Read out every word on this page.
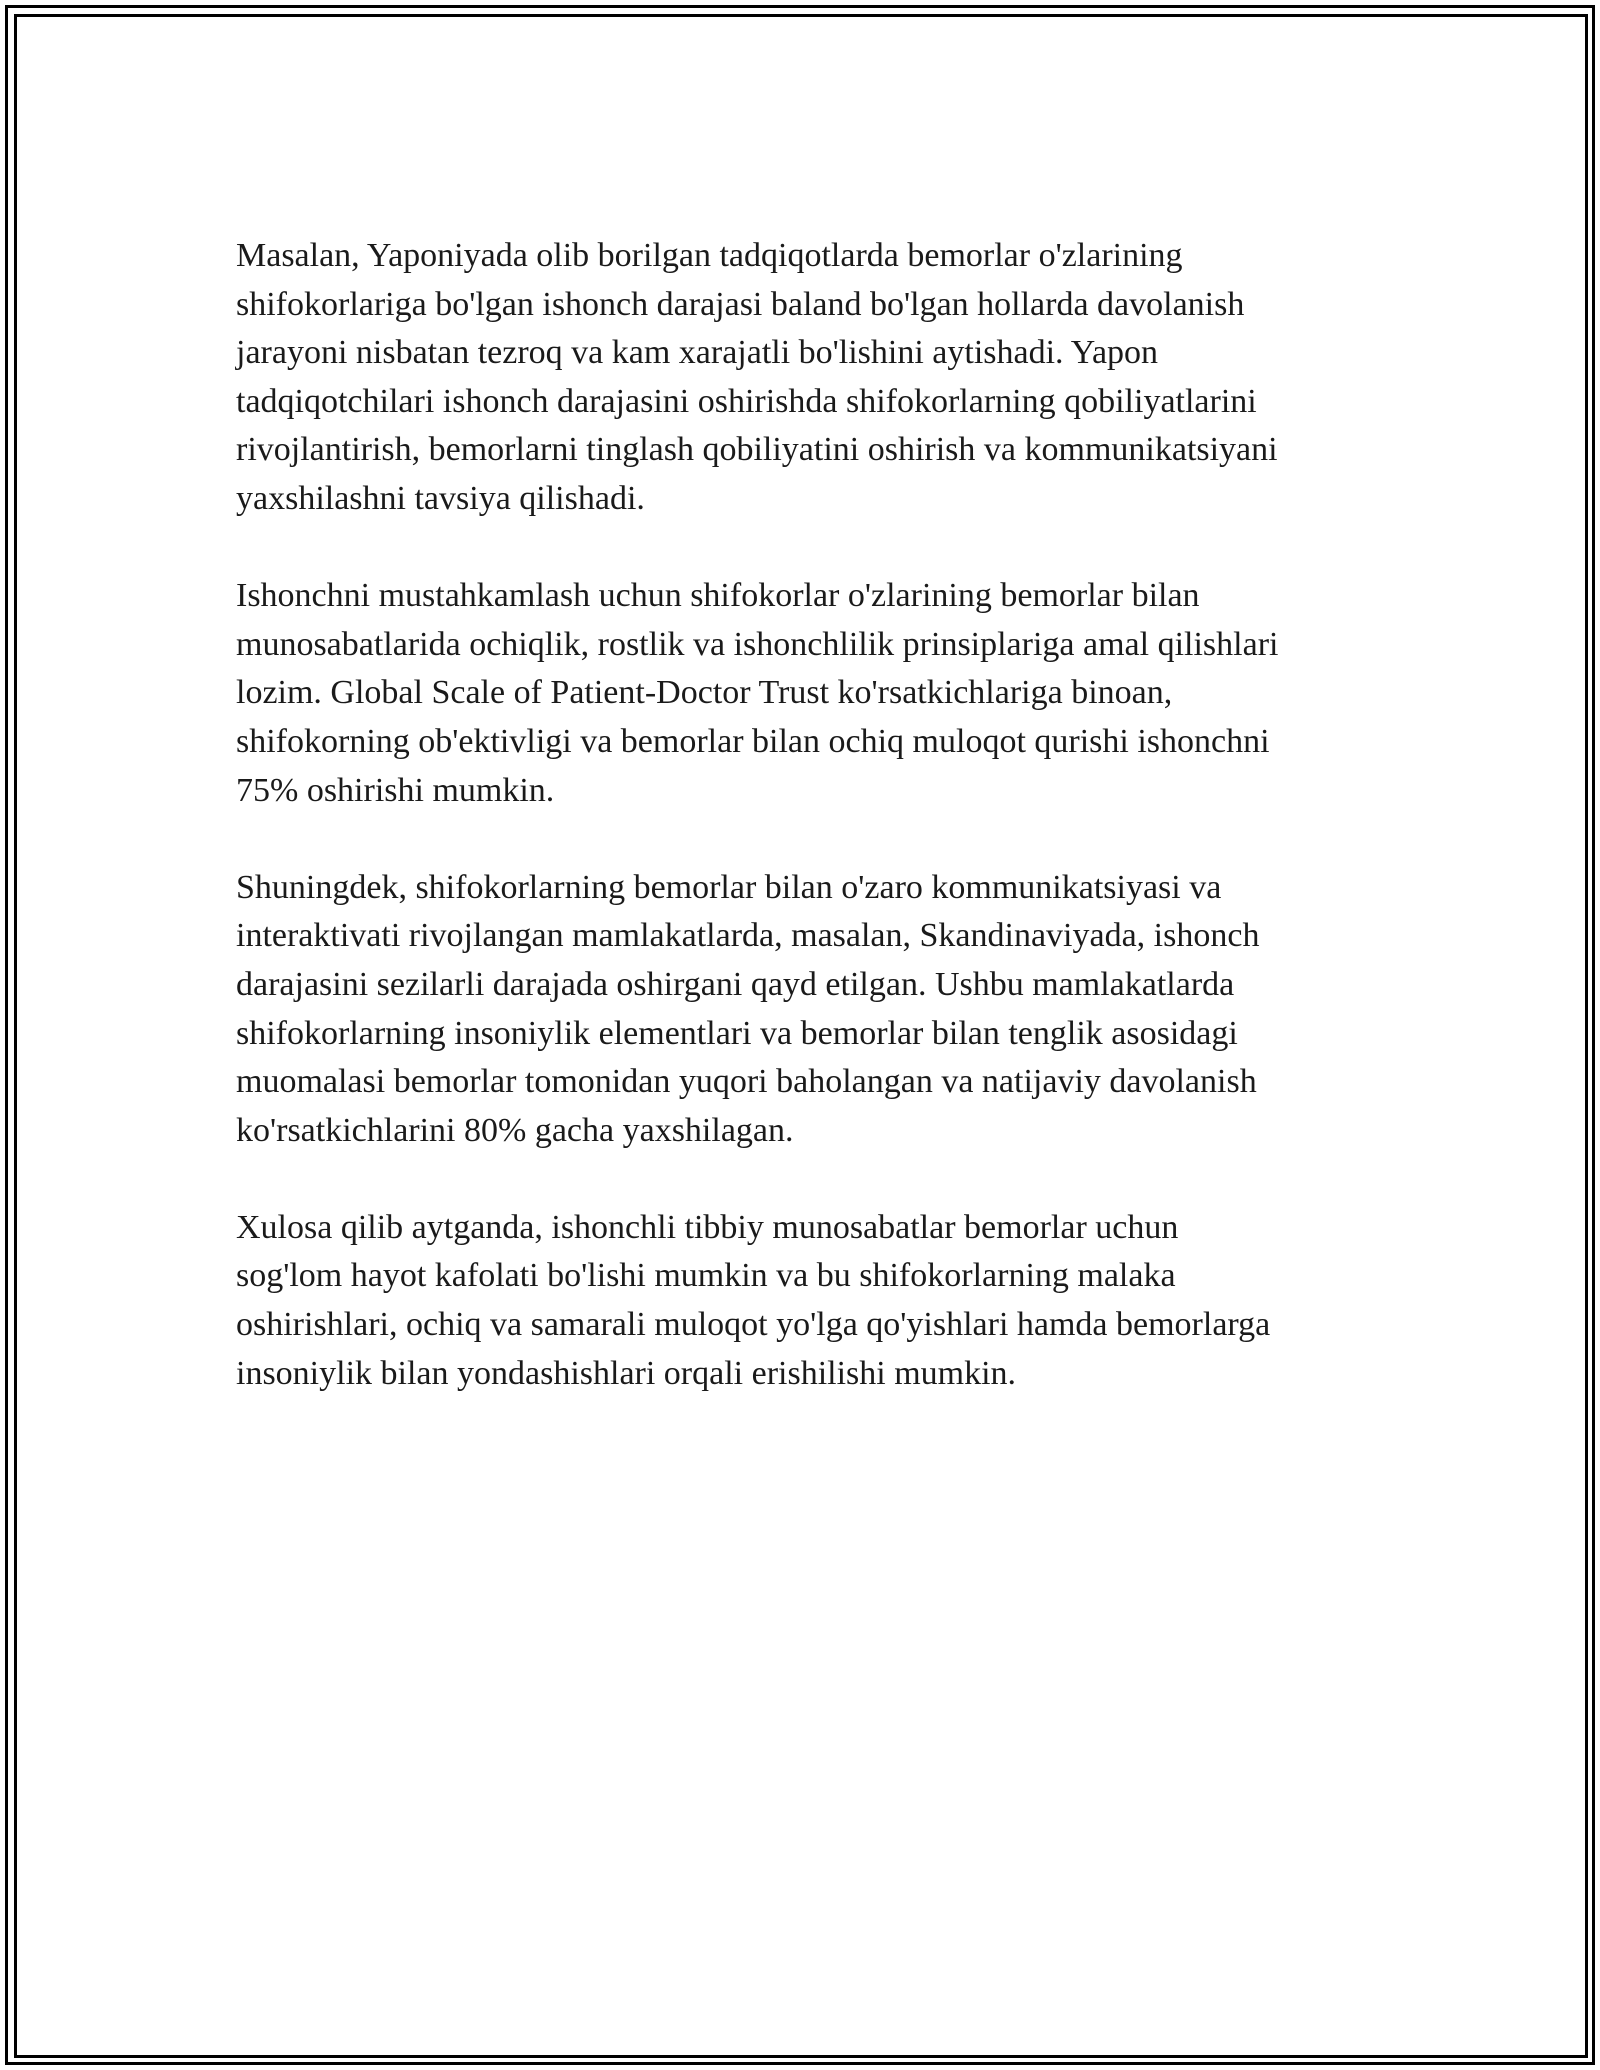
Masalan, Yaponiyada olib borilgan tadqiqotlarda bemorlar o'zlarining
shifokorlariga bo'lgan ishonch darajasi baland bo'lgan hollarda davolanish
jarayoni nisbatan tezroq va kam xarajatli bo'lishini aytishadi. Yapon
tadqiqotchilari ishonch darajasini oshirishda shifokorlarning qobiliyatlarini
rivojlantirish, bemorlarni tinglash qobiliyatini oshirish va kommunikatsiyani
yaxshilashni tavsiya qilishadi.

Ishonchni mustahkamlash uchun shifokorlar o'zlarining bemorlar bilan
munosabatlarida ochiqlik, rostlik va ishonchlilik prinsiplariga amal qilishlari
lozim. Global Scale of Patient-Doctor Trust ko'rsatkichlariga binoan,
shifokorning ob'ektivligi va bemorlar bilan ochiq muloqot qurishi ishonchni
75% oshirishi mumkin.

Shuningdek, shifokorlarning bemorlar bilan o'zaro kommunikatsiyasi va
interaktivati rivojlangan mamlakatlarda, masalan, Skandinaviyada, ishonch
darajasini sezilarli darajada oshirgani qayd etilgan. Ushbu mamlakatlarda
shifokorlarning insoniylik elementlari va bemorlar bilan tenglik asosidagi
muomalasi bemorlar tomonidan yuqori baholangan va natijaviy davolanish
ko'rsatkichlarini 80% gacha yaxshilagan.

Xulosa qilib aytganda, ishonchli tibbiy munosabatlar bemorlar uchun
sog'lom hayot kafolati bo'lishi mumkin va bu shifokorlarning malaka
oshirishlari, ochiq va samarali muloqot yo'lga qo'yishlari hamda bemorlarga
insoniylik bilan yondashishlari orqali erishilishi mumkin.
